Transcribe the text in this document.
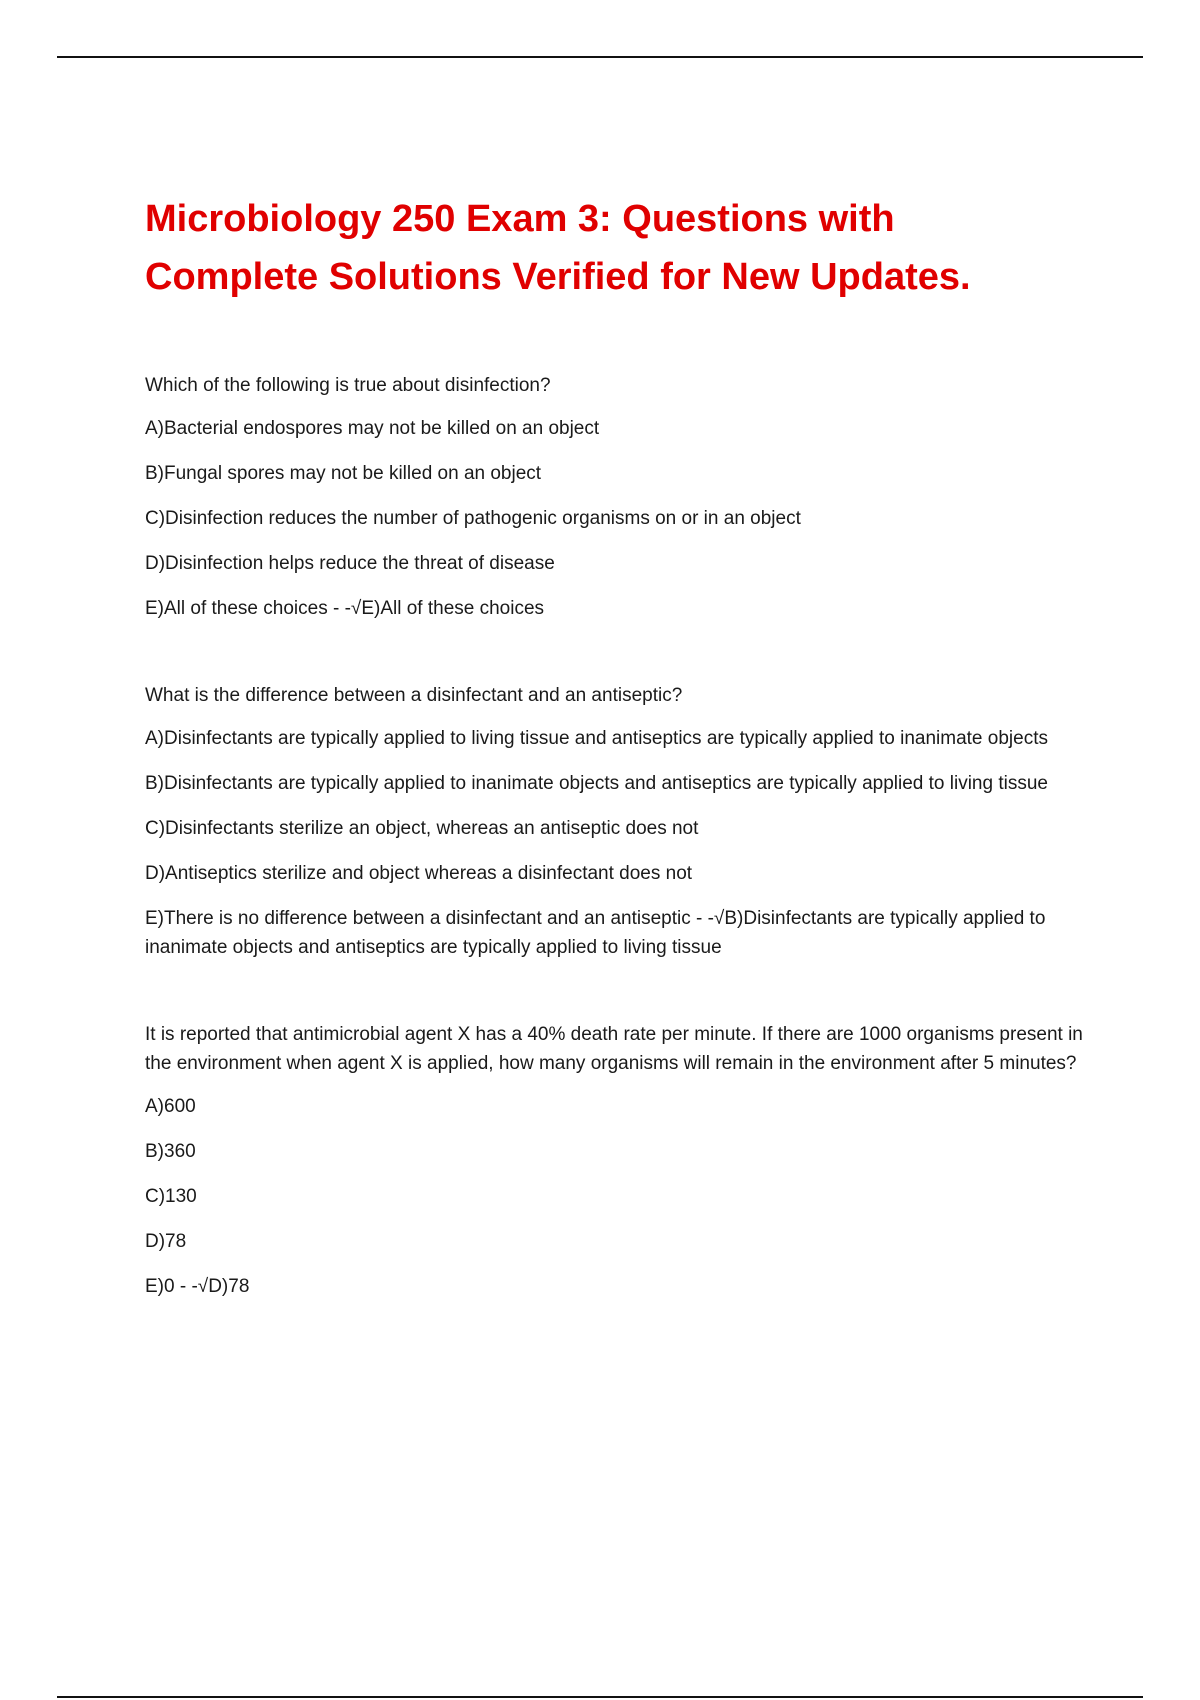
Microbiology 250 Exam 3: Questions with
Complete Solutions Verified for New Updates.

Which of the following is true about disinfection?

A)Bacterial endospores may not be killed on an object

B)Fungal spores may not be killed on an object

C)Disinfection reduces the number of pathogenic organisms on or in an object

D)Disinfection helps reduce the threat of disease

E)All of these choices - -√E)All of these choices

What is the difference between a disinfectant and an antiseptic?

A)Disinfectants are typically applied to living tissue and antiseptics are typically applied to inanimate objects

B)Disinfectants are typically applied to inanimate objects and antiseptics are typically applied to living tissue

C)Disinfectants sterilize an object, whereas an antiseptic does not

D)Antiseptics sterilize and object whereas a disinfectant does not

E)There is no difference between a disinfectant and an antiseptic - -√B)Disinfectants are typically applied to inanimate objects and antiseptics are typically applied to living tissue

It is reported that antimicrobial agent X has a 40% death rate per minute. If there are 1000 organisms present in the environment when agent X is applied, how many organisms will remain in the environment after 5 minutes?

A)600

B)360

C)130

D)78

E)0 - -√D)78
